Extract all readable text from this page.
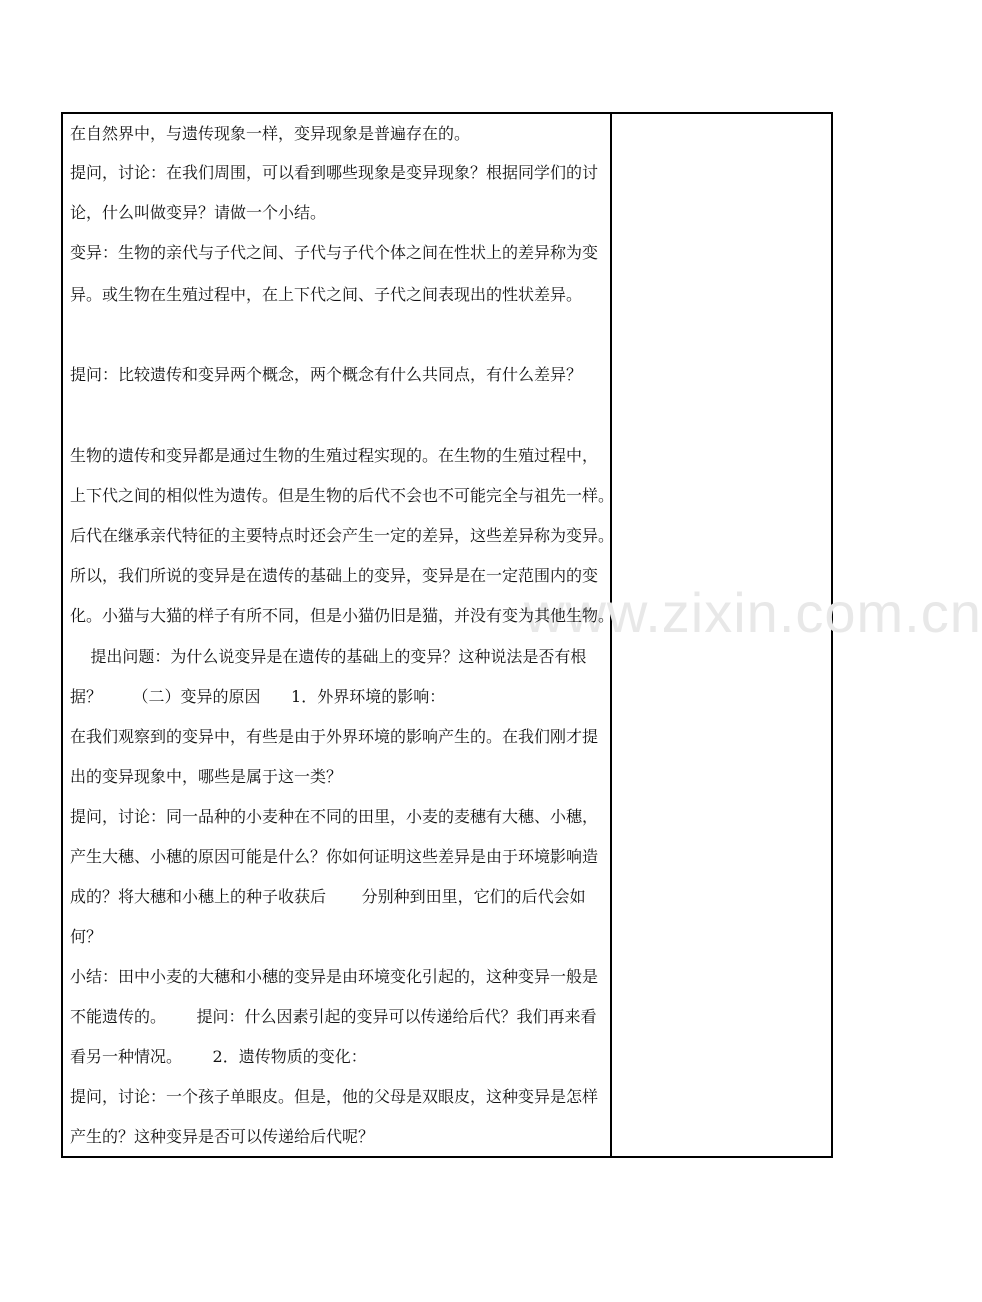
www.zixin.com.cn
在自然界中，与遗传现象一样，变异现象是普遍存在的。
提问，讨论：在我们周围，可以看到哪些现象是变异现象？根据同学们的讨
论，什么叫做变异？请做一个小结。
变异：生物的亲代与子代之间、子代与子代个体之间在性状上的差异称为变
异。或生物在生殖过程中，在上下代之间、子代之间表现出的性状差异。
提问：比较遗传和变异两个概念，两个概念有什么共同点，有什么差异？
生物的遗传和变异都是通过生物的生殖过程实现的。在生物的生殖过程中，
上下代之间的相似性为遗传。但是生物的后代不会也不可能完全与祖先一样。
后代在继承亲代特征的主要特点时还会产生一定的差异，这些差异称为变异。
所以，我们所说的变异是在遗传的基础上的变异，变异是在一定范围内的变
化。小猫与大猫的样子有所不同，但是小猫仍旧是猫，并没有变为其他生物。
提出问题：为什么说变异是在遗传的基础上的变异？这种说法是否有根
据？      （二）变异的原因      1．外界环境的影响：
在我们观察到的变异中，有些是由于外界环境的影响产生的。在我们刚才提
出的变异现象中，哪些是属于这一类？
提问，讨论：同一品种的小麦种在不同的田里，小麦的麦穗有大穗、小穗，
产生大穗、小穗的原因可能是什么？你如何证明这些差异是由于环境影响造
成的？将大穗和小穗上的种子收获后       分别种到田里，它们的后代会如
何？
小结：田中小麦的大穗和小穗的变异是由环境变化引起的，这种变异一般是
不能遗传的。      提问：什么因素引起的变异可以传递给后代？我们再来看
看另一种情况。      2．遗传物质的变化：
提问，讨论：一个孩子单眼皮。但是，他的父母是双眼皮，这种变异是怎样
产生的？这种变异是否可以传递给后代呢？
